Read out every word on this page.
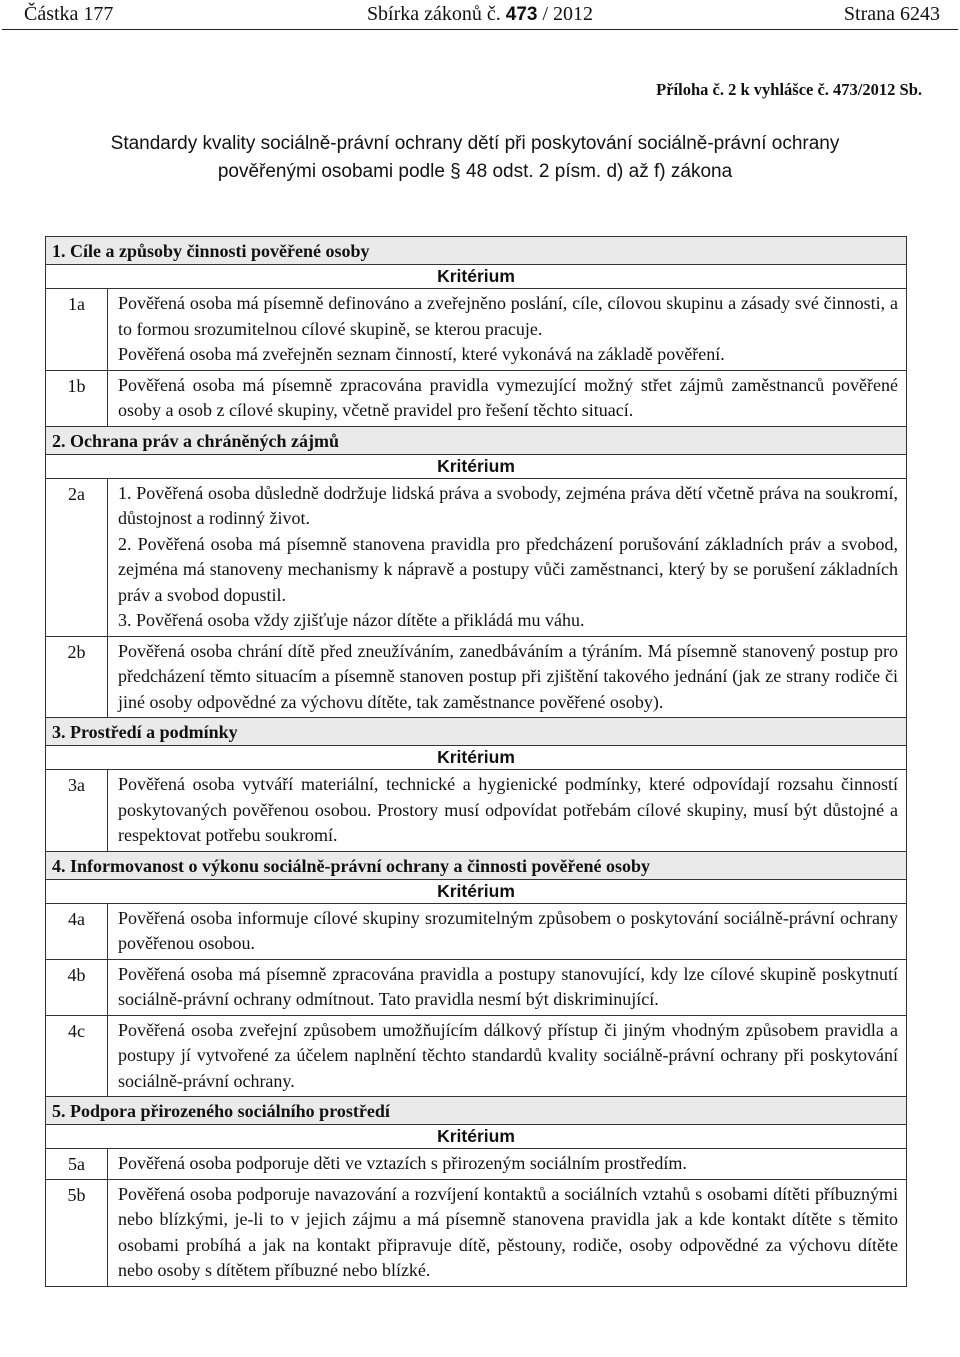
Částka 177	Sbírka zákonů č. 473 / 2012	Strana 6243
Příloha č. 2 k vyhlášce č. 473/2012 Sb.
Standardy kvality sociálně-právní ochrany dětí při poskytování sociálně-právní ochrany
pověřenými osobami podle § 48 odst. 2 písm. d) až f) zákona
1. Cíle a způsoby činnosti pověřené osoby	
Kritérium	
1a	Pověřená osoba má písemně definováno a zveřejněno poslání, cíle, cílovou skupinu a zásady své činnosti, a to formou srozumitelnou cílové skupině, se kterou pracuje.
Pověřená osoba má zveřejněn seznam činností, které vykonává na základě pověření.

1b	Pověřená osoba má písemně zpracována pravidla vymezující možný střet zájmů zaměstnanců pověřené osoby a osob z cílové skupiny, včetně pravidel pro řešení těchto situací.

2. Ochrana práv a chráněných zájmů	
Kritérium	
2a	1. Pověřená osoba důsledně dodržuje lidská práva a svobody, zejména práva dětí včetně práva na soukromí, důstojnost a rodinný život.
2. Pověřená osoba má písemně stanovena pravidla pro předcházení porušování základních práv a svobod, zejména má stanoveny mechanismy k nápravě a postupy vůči zaměstnanci, který by se porušení základních práv a svobod dopustil.
3. Pověřená osoba vždy zjišťuje názor dítěte a přikládá mu váhu.

2b	Pověřená osoba chrání dítě před zneužíváním, zanedbáváním a týráním. Má písemně stanovený postup pro předcházení těmto situacím a písemně stanoven postup při zjištění takového jednání (jak ze strany rodiče či jiné osoby odpovědné za výchovu dítěte, tak zaměstnance pověřené osoby).

3. Prostředí a podmínky	
Kritérium	
3a	Pověřená osoba vytváří materiální, technické a hygienické podmínky, které odpovídají rozsahu činností poskytovaných pověřenou osobou. Prostory musí odpovídat potřebám cílové skupiny, musí být důstojné a respektovat potřebu soukromí.

4. Informovanost o výkonu sociálně-právní ochrany a činnosti pověřené osoby	
Kritérium	
4a	Pověřená osoba informuje cílové skupiny srozumitelným způsobem o poskytování sociálně-právní ochrany pověřenou osobou.

4b	Pověřená osoba má písemně zpracována pravidla a postupy stanovující, kdy lze cílové skupině poskytnutí sociálně-právní ochrany odmítnout. Tato pravidla nesmí být diskriminující.

4c	Pověřená osoba zveřejní způsobem umožňujícím dálkový přístup či jiným vhodným způsobem pravidla a postupy jí vytvořené za účelem naplnění těchto standardů kvality sociálně-právní ochrany při poskytování sociálně-právní ochrany.

5. Podpora přirozeného sociálního prostředí	
Kritérium	
5a	Pověřená osoba podporuje děti ve vztazích s přirozeným sociálním prostředím.

5b	Pověřená osoba podporuje navazování a rozvíjení kontaktů a sociálních vztahů s osobami dítěti příbuznými nebo blízkými, je-li to v jejich zájmu a má písemně stanovena pravidla jak a kde kontakt dítěte s těmito osobami probíhá a jak na kontakt připravuje dítě, pěstouny, rodiče, osoby odpovědné za výchovu dítěte nebo osoby s dítětem příbuzné nebo blízké.
